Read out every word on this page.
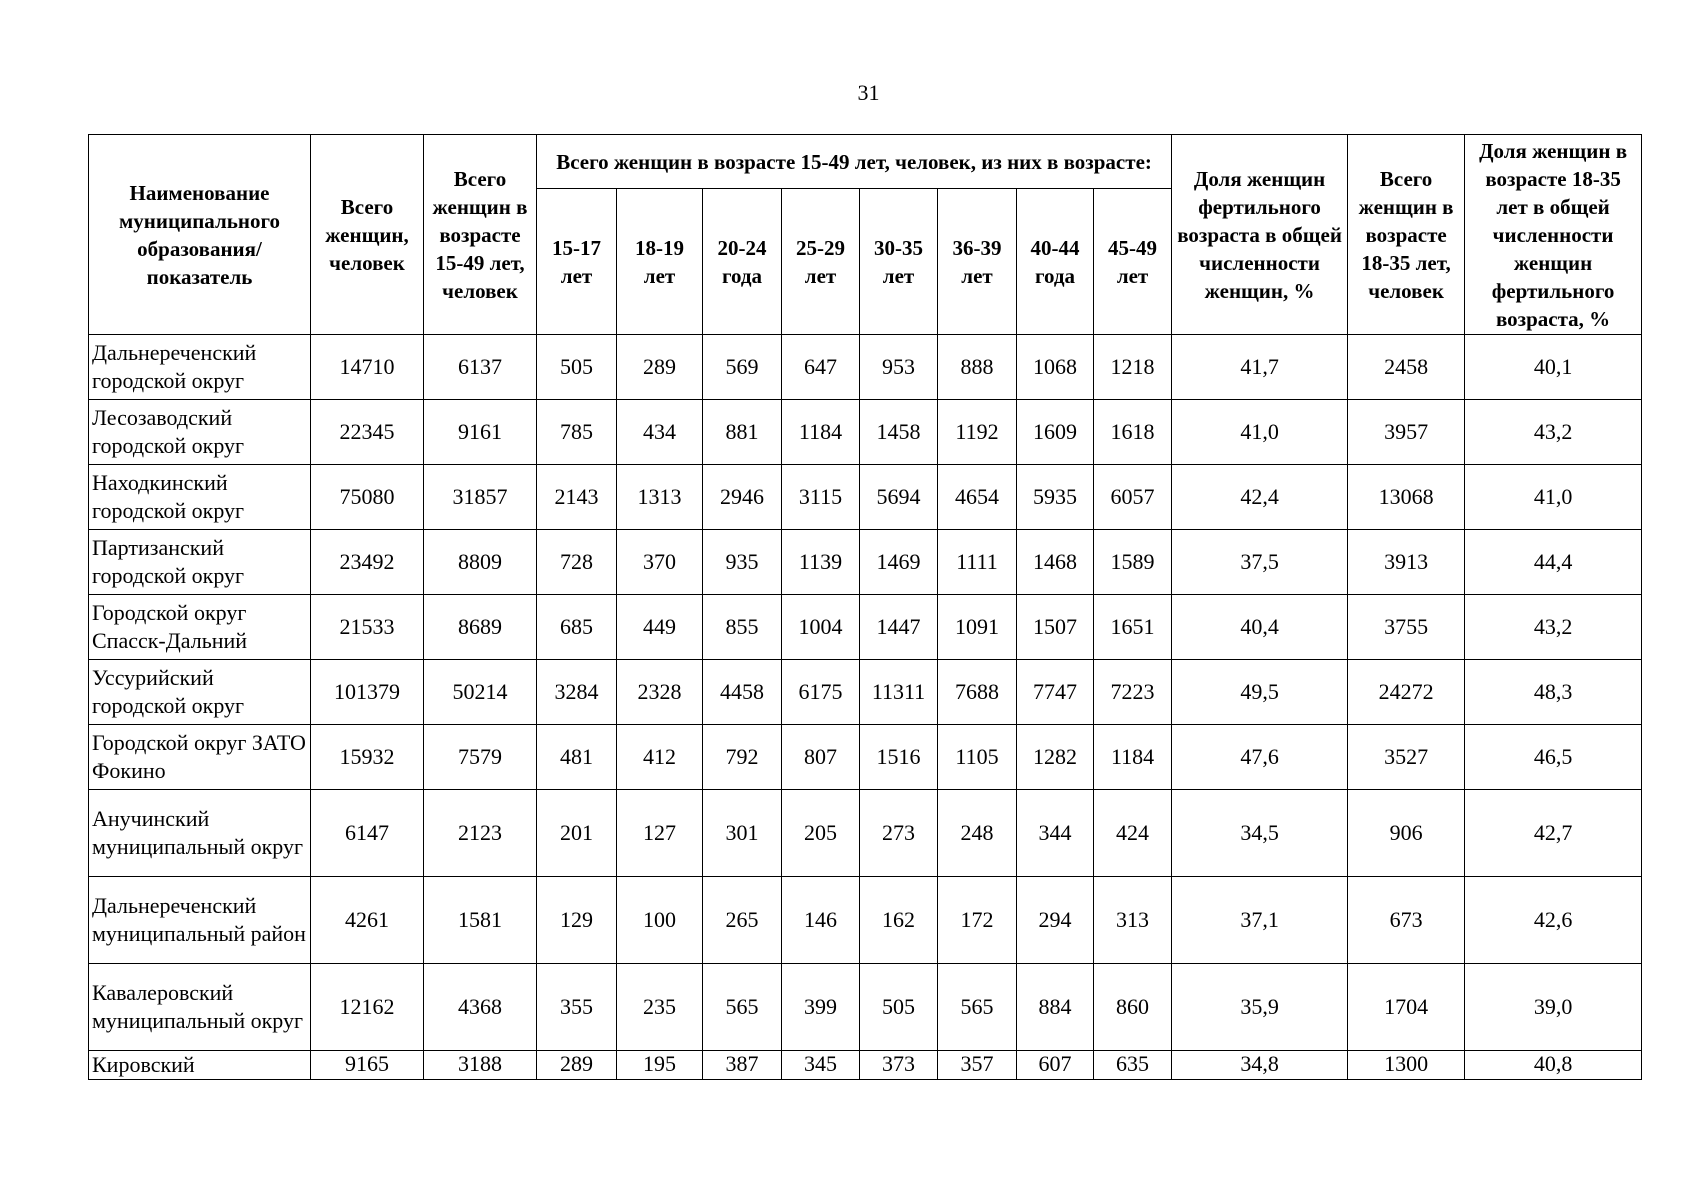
31
Наименование муниципального образования/ показатель	Всего женщин, человек	Всего женщин в возрасте 15-49 лет, человек	Всего женщин в возрасте 15-49 лет, человек, из них в возрасте:								Доля женщин фертильного возраста в общей численности женщин, %	Всего женщин в возрасте 18-35 лет, человек	Доля женщин в возрасте 18-35 лет в общей численности женщин фертильного возраста, %
			15-17 лет	18-19 лет	20-24 года	25-29 лет	30-35 лет	36-39 лет	40-44 года	45-49 лет			
Дальнереченский городской округ	14710	6137	505	289	569	647	953	888	1068	1218	41,7	2458	40,1
Лесозаводский городской округ	22345	9161	785	434	881	1184	1458	1192	1609	1618	41,0	3957	43,2
Находкинский городской округ	75080	31857	2143	1313	2946	3115	5694	4654	5935	6057	42,4	13068	41,0
Партизанский городской округ	23492	8809	728	370	935	1139	1469	1111	1468	1589	37,5	3913	44,4
Городской округ Спасск-Дальний	21533	8689	685	449	855	1004	1447	1091	1507	1651	40,4	3755	43,2
Уссурийский городской округ	101379	50214	3284	2328	4458	6175	11311	7688	7747	7223	49,5	24272	48,3
Городской округ ЗАТО Фокино	15932	7579	481	412	792	807	1516	1105	1282	1184	47,6	3527	46,5
Анучинский муниципальный округ	6147	2123	201	127	301	205	273	248	344	424	34,5	906	42,7
Дальнереченский муниципальный район	4261	1581	129	100	265	146	162	172	294	313	37,1	673	42,6
Кавалеровский муниципальный округ	12162	4368	355	235	565	399	505	565	884	860	35,9	1704	39,0
Кировский	9165	3188	289	195	387	345	373	357	607	635	34,8	1300	40,8
